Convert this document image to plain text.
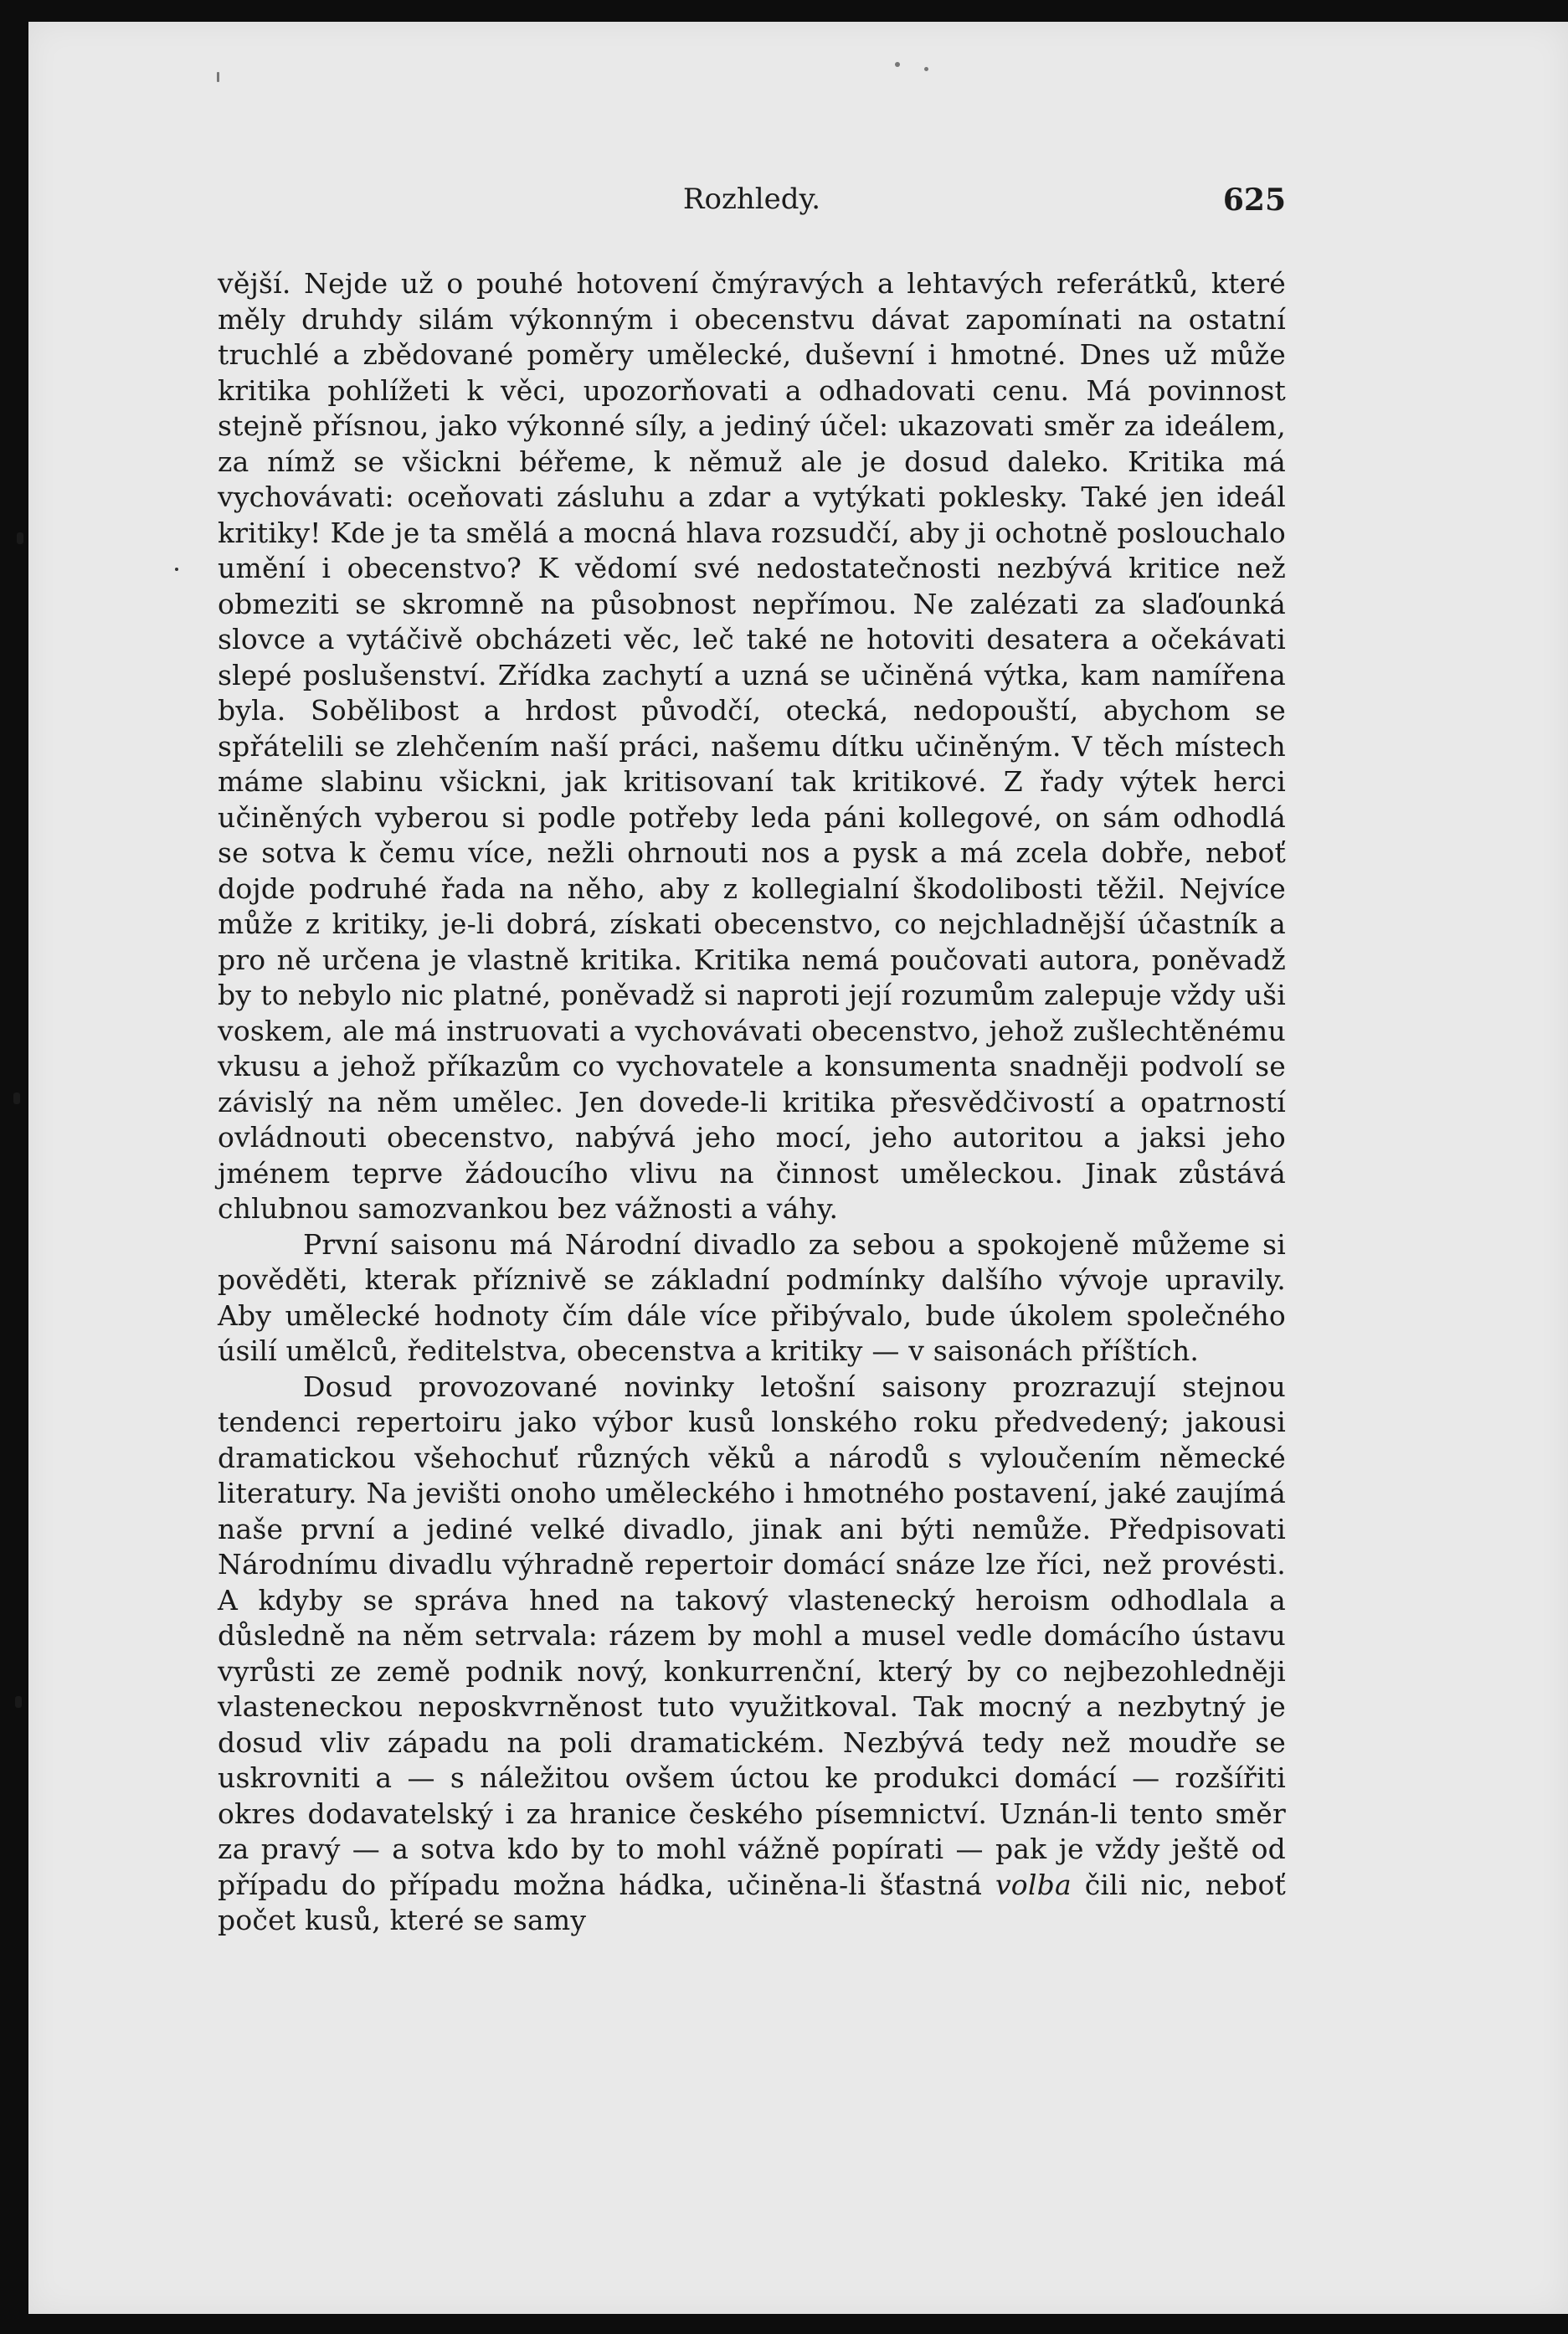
Rozhledy.	625

vější. Nejde už o pouhé hotovení čmýravých a lehtavých referátků, které měly druhdy silám výkonným i obecenstvu dávat zapomínati na ostatní truchlé a zbědované poměry umělecké, duševní i hmotné. Dnes už může kritika pohlížeti k věci, upozorňovati a odhadovati cenu. Má povinnost stejně přísnou, jako výkonné síly, a jediný účel: ukazovati směr za ideálem, za nímž se všickni béřeme, k němuž ale je dosud daleko. Kritika má vychovávati: oceňovati zásluhu a zdar a vytýkati poklesky. Také jen ideál kritiky! Kde je ta smělá a mocná hlava rozsudčí, aby ji ochotně poslouchalo umění i obecenstvo? K vědomí své nedostatečnosti nezbývá kritice než obmeziti se skromně na působnost nepřímou. Ne zalézati za slaďounká slovce a vytáčivě obcházeti věc, leč také ne hotoviti desatera a očekávati slepé poslušenství. Zřídka zachytí a uzná se učiněná výtka, kam namířena byla. Sobělibost a hrdost původčí, otecká, nedopouští, abychom se spřátelili se zlehčením naší práci, našemu dítku učiněným. V těch místech máme slabinu všickni, jak kritisovaní tak kritikové. Z řady výtek herci učiněných vyberou si podle potřeby leda páni kollegové, on sám odhodlá se sotva k čemu více, nežli ohrnouti nos a pysk a má zcela dobře, neboť dojde podruhé řada na něho, aby z kollegialní škodolibosti těžil. Nejvíce může z kritiky, je-li dobrá, získati obecenstvo, co nejchladnější účastník a pro ně určena je vlastně kritika. Kritika nemá poučovati autora, poněvadž by to nebylo nic platné, poněvadž si naproti její rozumům zalepuje vždy uši voskem, ale má instruovati a vychovávati obecenstvo, jehož zušlechtěnému vkusu a jehož příkazům co vychovatele a konsumenta snadněji podvolí se závislý na něm umělec. Jen dovede-li kritika přesvědčivostí a opatrností ovládnouti obecenstvo, nabývá jeho mocí, jeho autoritou a jaksi jeho jménem teprve žádoucího vlivu na činnost uměleckou. Jinak zůstává chlubnou samozvankou bez vážnosti a váhy.

První saisonu má Národní divadlo za sebou a spokojeně můžeme si pověděti, kterak příznivě se základní podmínky dalšího vývoje upravily. Aby umělecké hodnoty čím dále více přibývalo, bude úkolem společného úsilí umělců, ředitelstva, obecenstva a kritiky — v saisonách příštích.

Dosud provozované novinky letošní saisony prozrazují stejnou tendenci repertoiru jako výbor kusů lonského roku předvedený; jakousi dramatickou všehochuť různých věků a národů s vyloučením německé literatury. Na jevišti onoho uměleckého i hmotného postavení, jaké zaujímá naše první a jediné velké divadlo, jinak ani býti nemůže. Předpisovati Národnímu divadlu výhradně repertoir domácí snáze lze říci, než provésti. A kdyby se správa hned na takový vlastenecký heroism odhodlala a důsledně na něm setrvala: rázem by mohl a musel vedle domácího ústavu vyrůsti ze země podnik nový, konkurrenční, který by co nejbezohledněji vlasteneckou neposkvrněnost tuto využitkoval. Tak mocný a nezbytný je dosud vliv západu na poli dramatickém. Nezbývá tedy než moudře se uskrovniti a — s náležitou ovšem úctou ke produkci domácí — rozšířiti okres dodavatelský i za hranice českého písemnictví. Uznán-li tento směr za pravý — a sotva kdo by to mohl vážně popírati — pak je vždy ještě od případu do případu možna hádka, učiněna-li šťastná volba čili nic, neboť počet kusů, které se samy
